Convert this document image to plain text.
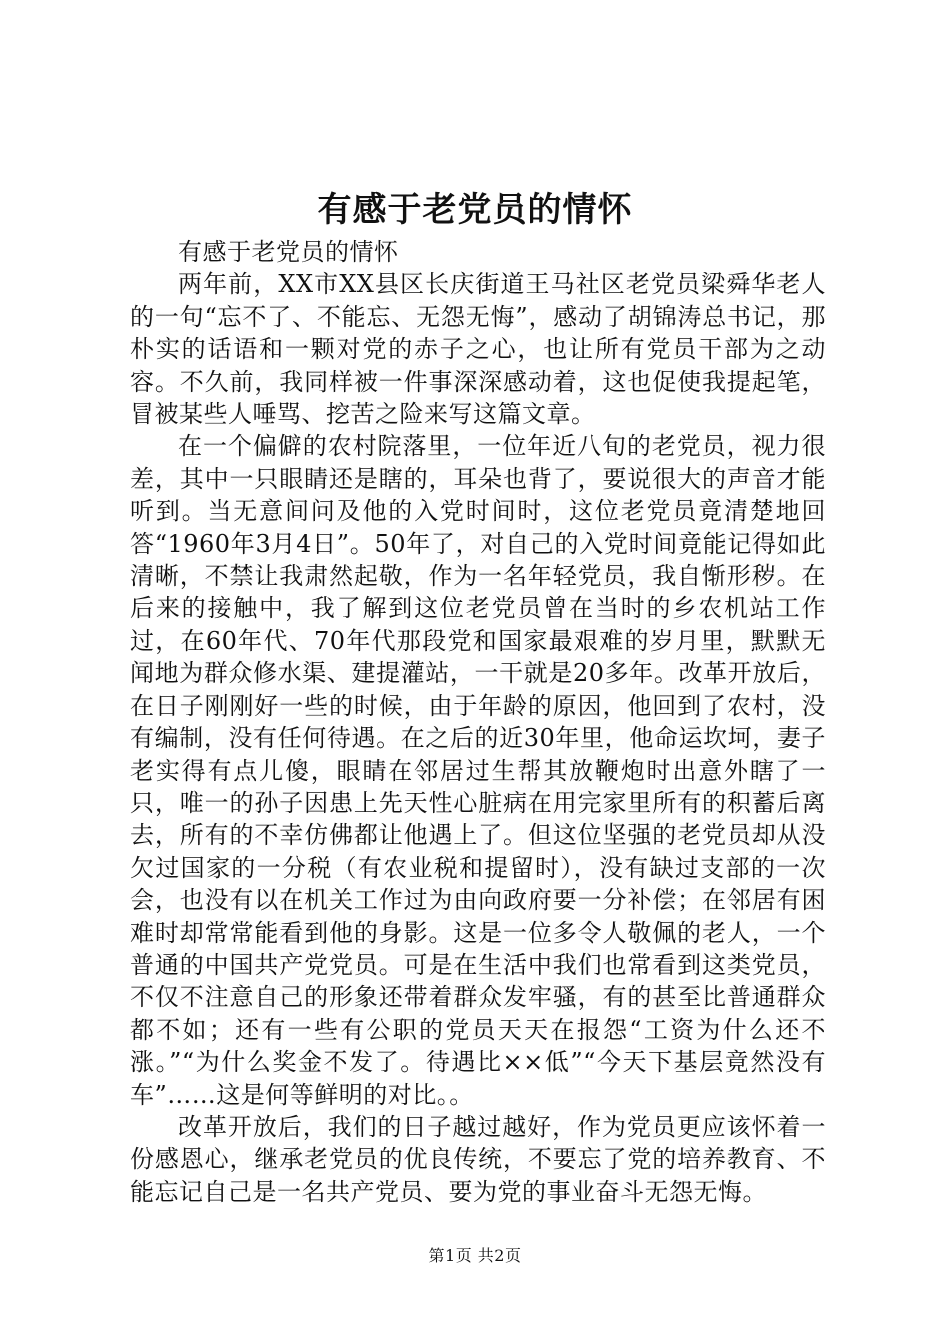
有感于老党员的情怀

有感于老党员的情怀

两年前，XX市XX县区长庆街道王马社区老党员梁舜华老人的一句“忘不了、不能忘、无怨无悔”，感动了胡锦涛总书记，那朴实的话语和一颗对党的赤子之心，也让所有党员干部为之动容。不久前，我同样被一件事深深感动着，这也促使我提起笔，冒被某些人唾骂、挖苦之险来写这篇文章。

在一个偏僻的农村院落里，一位年近八旬的老党员，视力很差，其中一只眼睛还是瞎的，耳朵也背了，要说很大的声音才能听到。当无意间问及他的入党时间时，这位老党员竟清楚地回答“1960年3月4日”。50年了，对自己的入党时间竟能记得如此清晰，不禁让我肃然起敬，作为一名年轻党员，我自惭形秽。在后来的接触中，我了解到这位老党员曾在当时的乡农机站工作过，在60年代、70年代那段党和国家最艰难的岁月里，默默无闻地为群众修水渠、建提灌站，一干就是20多年。改革开放后，在日子刚刚好一些的时候，由于年龄的原因，他回到了农村，没有编制，没有任何待遇。在之后的近30年里，他命运坎坷，妻子老实得有点儿傻，眼睛在邻居过生帮其放鞭炮时出意外瞎了一只，唯一的孙子因患上先天性心脏病在用完家里所有的积蓄后离去，所有的不幸仿佛都让他遇上了。但这位坚强的老党员却从没欠过国家的一分税（有农业税和提留时），没有缺过支部的一次会，也没有以在机关工作过为由向政府要一分补偿；在邻居有困难时却常常能看到他的身影。这是一位多令人敬佩的老人，一个普通的中国共产党党员。可是在生活中我们也常看到这类党员，不仅不注意自己的形象还带着群众发牢骚，有的甚至比普通群众都不如；还有一些有公职的党员天天在报怨“工资为什么还不涨。”“为什么奖金不发了。待遇比××低”“今天下基层竟然没有车”……这是何等鲜明的对比。。

改革开放后，我们的日子越过越好，作为党员更应该怀着一份感恩心，继承老党员的优良传统，不要忘了党的培养教育、不能忘记自己是一名共产党员、要为党的事业奋斗无怨无悔。

第1页 共2页
